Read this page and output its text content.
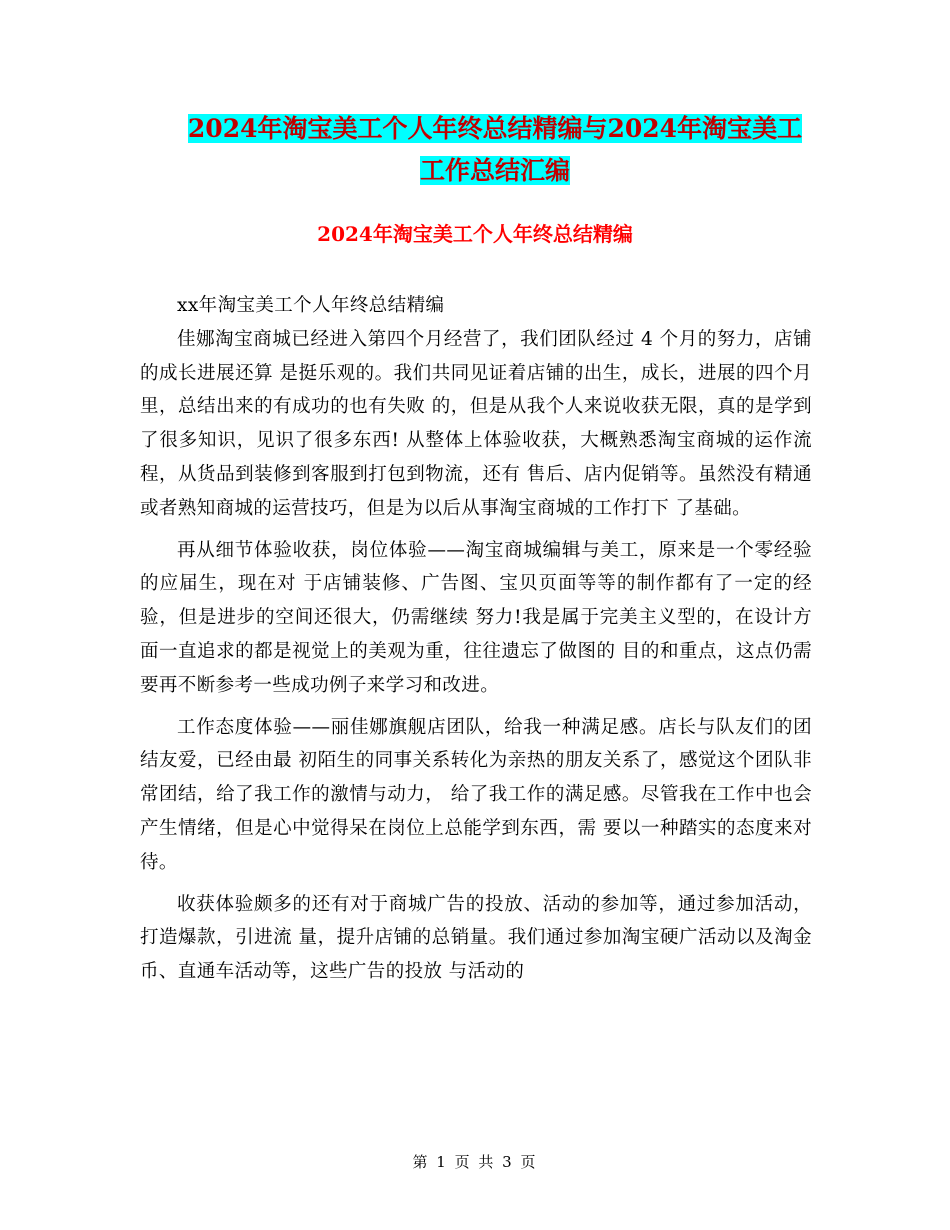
2024年淘宝美工个人年终总结精编与2024年淘宝美工
工作总结汇编
2024年淘宝美工个人年终总结精编

xx年淘宝美工个人年终总结精编

佳娜淘宝商城已经进入第四个月经营了，我们团队经过 4 个月的努力，店铺的成长进展还算 是挺乐观的。我们共同见证着店铺的出生，成长，进展的四个月里，总结出来的有成功的也有失败 的，但是从我个人来说收获无限，真的是学到了很多知识，见识了很多东西! 从整体上体验收获，大概熟悉淘宝商城的运作流程，从货品到装修到客服到打包到物流，还有 售后、店内促销等。虽然没有精通或者熟知商城的运营技巧，但是为以后从事淘宝商城的工作打下 了基础。

再从细节体验收获，岗位体验——淘宝商城编辑与美工，原来是一个零经验的应届生，现在对 于店铺装修、广告图、宝贝页面等等的制作都有了一定的经验，但是进步的空间还很大，仍需继续 努力!我是属于完美主义型的，在设计方面一直追求的都是视觉上的美观为重，往往遗忘了做图的 目的和重点，这点仍需要再不断参考一些成功例子来学习和改进。

工作态度体验——丽佳娜旗舰店团队，给我一种满足感。店长与队友们的团结友爱，已经由最 初陌生的同事关系转化为亲热的朋友关系了，感觉这个团队非常团结，给了我工作的激情与动力， 给了我工作的满足感。尽管我在工作中也会产生情绪，但是心中觉得呆在岗位上总能学到东西，需 要以一种踏实的态度来对待。

收获体验颇多的还有对于商城广告的投放、活动的参加等，通过参加活动，打造爆款，引进流 量，提升店铺的总销量。我们通过参加淘宝硬广活动以及淘金币、直通车活动等，这些广告的投放 与活动的

第 1 页 共 3 页
